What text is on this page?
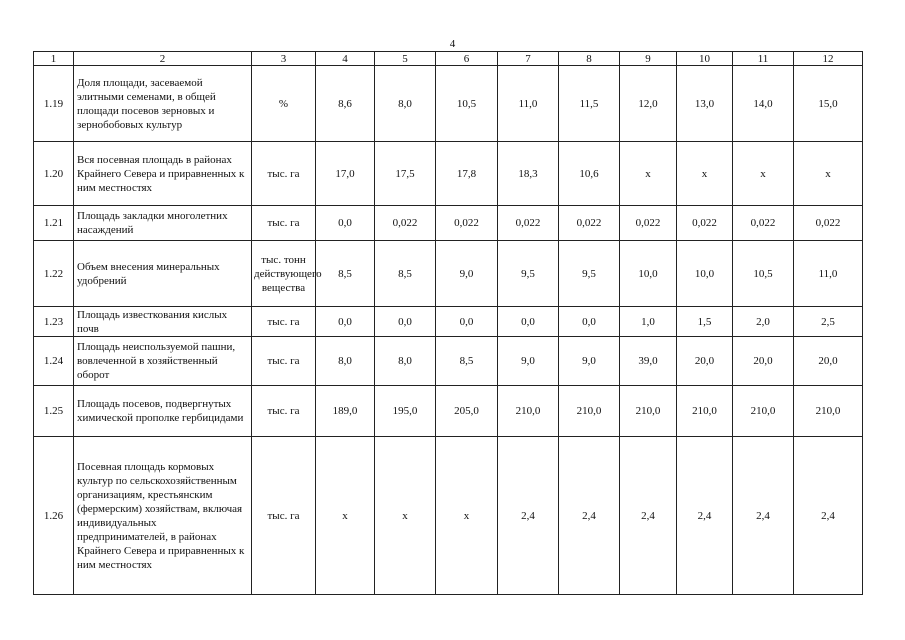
4
1	2	3	4	5	6	7	8	9	10	11	12
1.19	Доля площади, засеваемой элитными семенами, в общей площади посевов зерновых и зернобобовых культур	%	8,6	8,0	10,5	11,0	11,5	12,0	13,0	14,0	15,0
1.20	Вся посевная площадь в районах Крайнего Севера и приравненных к ним местностях	тыс. га	17,0	17,5	17,8	18,3	10,6	x	x	x	x
1.21	Площадь закладки многолетних насаждений	тыс. га	0,0	0,022	0,022	0,022	0,022	0,022	0,022	0,022	0,022
1.22	Объем внесения минеральных удобрений	тыс. тонн действующего вещества	8,5	8,5	9,0	9,5	9,5	10,0	10,0	10,5	11,0
1.23	Площадь известкования кислых почв	тыс. га	0,0	0,0	0,0	0,0	0,0	1,0	1,5	2,0	2,5
1.24	Площадь неиспользуемой пашни, вовлеченной в хозяйственный оборот	тыс. га	8,0	8,0	8,5	9,0	9,0	39,0	20,0	20,0	20,0
1.25	Площадь посевов, подвергнутых химической прополке гербицидами	тыс. га	189,0	195,0	205,0	210,0	210,0	210,0	210,0	210,0	210,0
1.26	Посевная площадь кормовых культур по сельскохозяйственным организациям, крестьянским (фермерским) хозяйствам, включая индивидуальных предпринимателей, в районах Крайнего Севера и приравненных к ним местностях	тыс. га	x	x	x	2,4	2,4	2,4	2,4	2,4	2,4
